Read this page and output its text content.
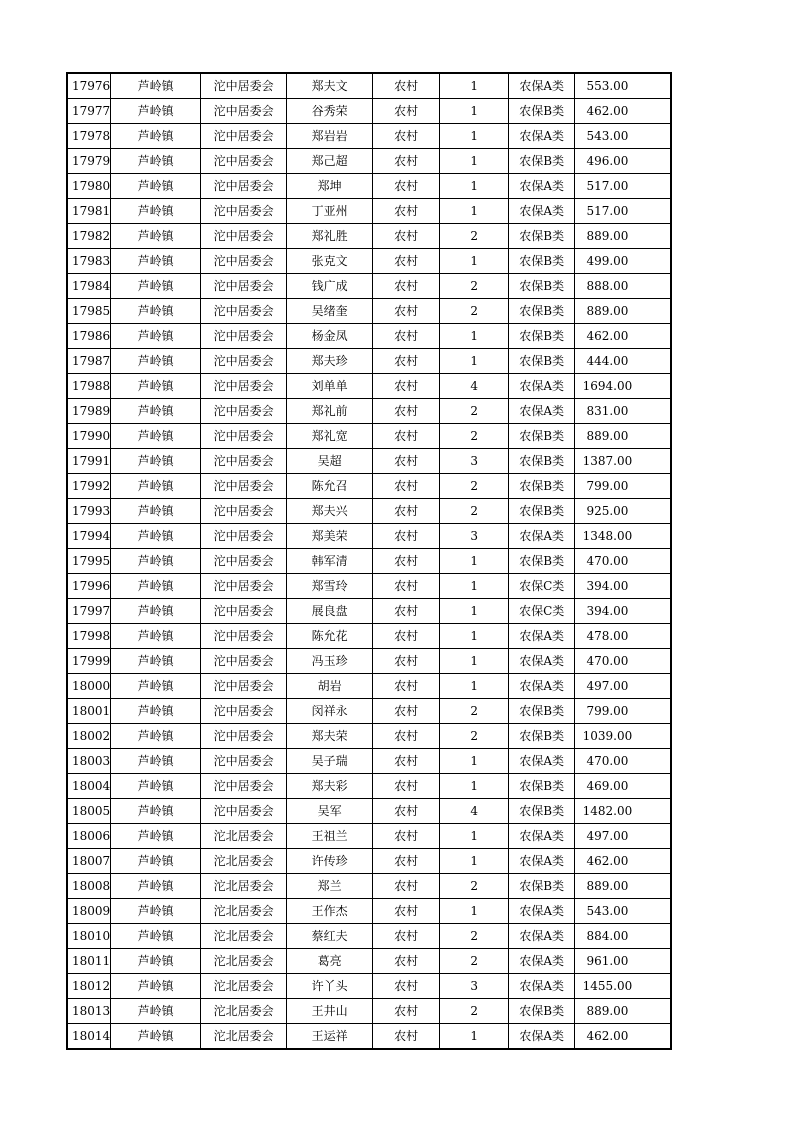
17976	芦岭镇	沱中居委会	郑夫文	农村	1	农保A类	553.00
17977	芦岭镇	沱中居委会	谷秀荣	农村	1	农保B类	462.00
17978	芦岭镇	沱中居委会	郑岩岩	农村	1	农保A类	543.00
17979	芦岭镇	沱中居委会	郑己超	农村	1	农保B类	496.00
17980	芦岭镇	沱中居委会	郑坤	农村	1	农保A类	517.00
17981	芦岭镇	沱中居委会	丁亚州	农村	1	农保A类	517.00
17982	芦岭镇	沱中居委会	郑礼胜	农村	2	农保B类	889.00
17983	芦岭镇	沱中居委会	张克文	农村	1	农保B类	499.00
17984	芦岭镇	沱中居委会	钱广成	农村	2	农保B类	888.00
17985	芦岭镇	沱中居委会	吴绪奎	农村	2	农保B类	889.00
17986	芦岭镇	沱中居委会	杨金凤	农村	1	农保B类	462.00
17987	芦岭镇	沱中居委会	郑夫珍	农村	1	农保B类	444.00
17988	芦岭镇	沱中居委会	刘单单	农村	4	农保A类	1694.00
17989	芦岭镇	沱中居委会	郑礼前	农村	2	农保A类	831.00
17990	芦岭镇	沱中居委会	郑礼宽	农村	2	农保B类	889.00
17991	芦岭镇	沱中居委会	吴超	农村	3	农保B类	1387.00
17992	芦岭镇	沱中居委会	陈允召	农村	2	农保B类	799.00
17993	芦岭镇	沱中居委会	郑夫兴	农村	2	农保B类	925.00
17994	芦岭镇	沱中居委会	郑美荣	农村	3	农保A类	1348.00
17995	芦岭镇	沱中居委会	韩军清	农村	1	农保B类	470.00
17996	芦岭镇	沱中居委会	郑雪玲	农村	1	农保C类	394.00
17997	芦岭镇	沱中居委会	展良盘	农村	1	农保C类	394.00
17998	芦岭镇	沱中居委会	陈允花	农村	1	农保A类	478.00
17999	芦岭镇	沱中居委会	冯玉珍	农村	1	农保A类	470.00
18000	芦岭镇	沱中居委会	胡岩	农村	1	农保A类	497.00
18001	芦岭镇	沱中居委会	闵祥永	农村	2	农保B类	799.00
18002	芦岭镇	沱中居委会	郑夫荣	农村	2	农保B类	1039.00
18003	芦岭镇	沱中居委会	吴子瑞	农村	1	农保A类	470.00
18004	芦岭镇	沱中居委会	郑夫彩	农村	1	农保B类	469.00
18005	芦岭镇	沱中居委会	吴军	农村	4	农保B类	1482.00
18006	芦岭镇	沱北居委会	王祖兰	农村	1	农保A类	497.00
18007	芦岭镇	沱北居委会	许传珍	农村	1	农保A类	462.00
18008	芦岭镇	沱北居委会	郑兰	农村	2	农保B类	889.00
18009	芦岭镇	沱北居委会	王作杰	农村	1	农保A类	543.00
18010	芦岭镇	沱北居委会	蔡红夫	农村	2	农保A类	884.00
18011	芦岭镇	沱北居委会	葛亮	农村	2	农保A类	961.00
18012	芦岭镇	沱北居委会	许丫头	农村	3	农保A类	1455.00
18013	芦岭镇	沱北居委会	王井山	农村	2	农保B类	889.00
18014	芦岭镇	沱北居委会	王运祥	农村	1	农保A类	462.00
